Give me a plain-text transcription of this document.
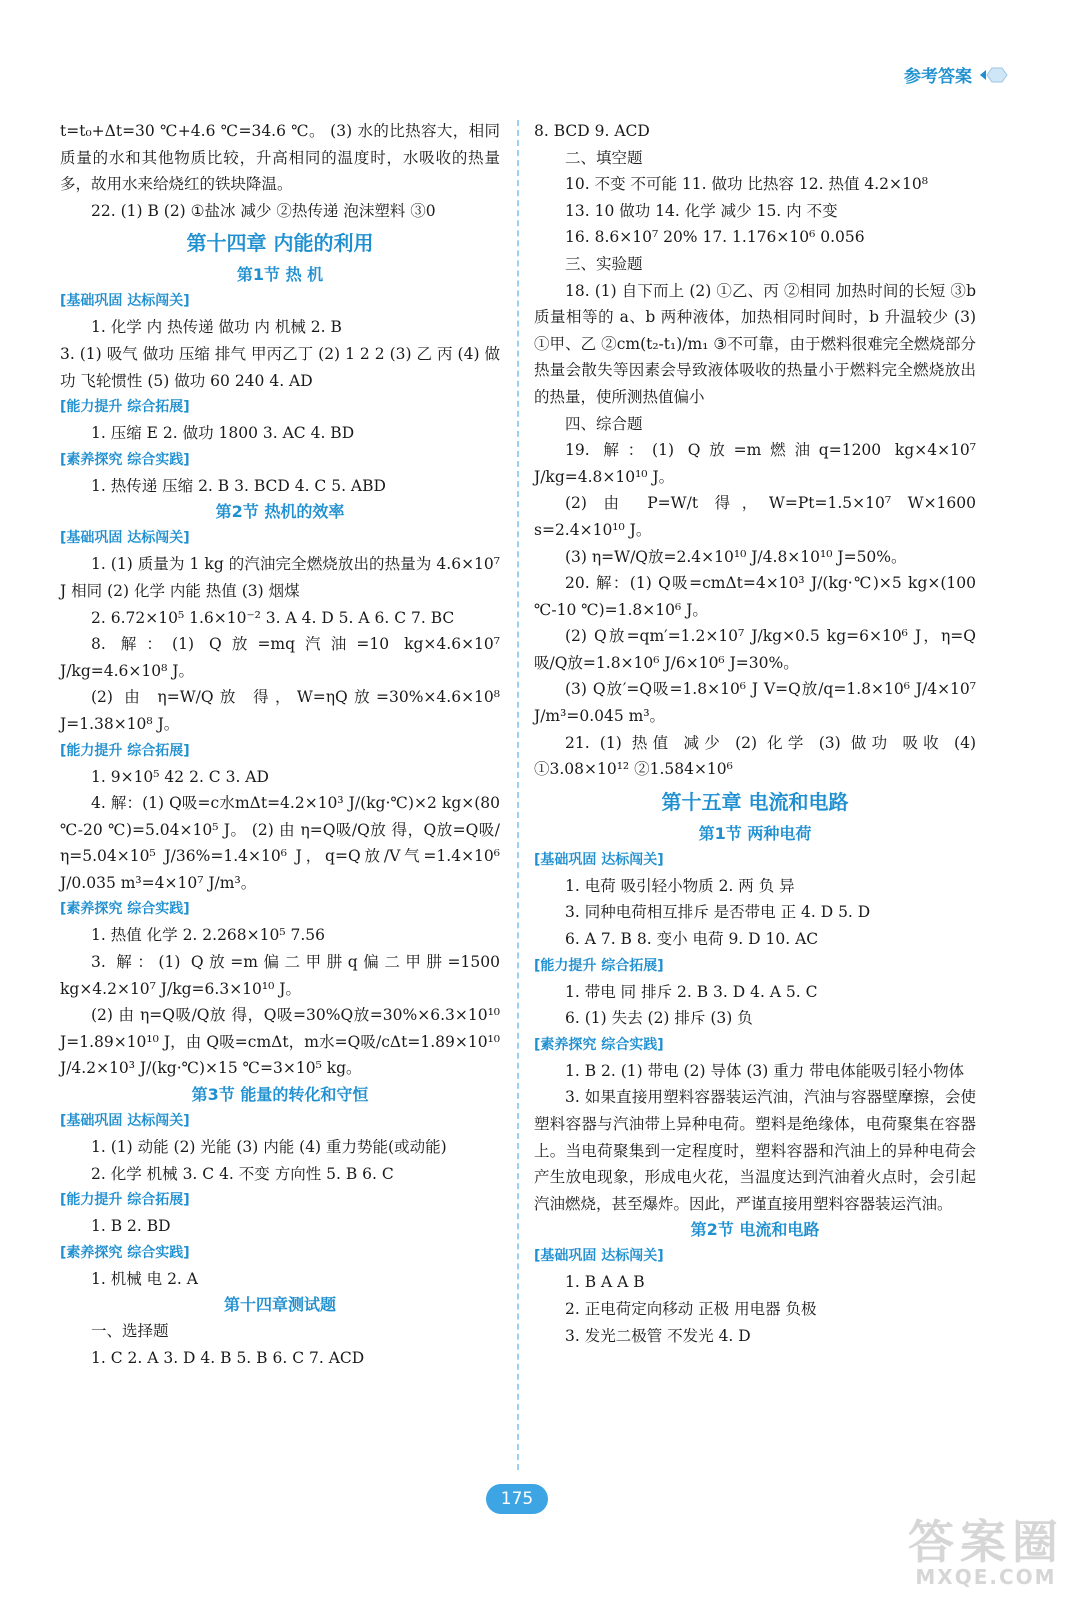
参考答案
t=t₀+Δt=30 ℃+4.6 ℃=34.6 ℃。 (3) 水的比热容大，相同质量的水和其他物质比较，升高相同的温度时，水吸收的热量多，故用水来给烧红的铁块降温。
22. (1) B (2) ①盐冰 减少 ②热传递 泡沫塑料 ③0
第十四章 内能的利用
第1节 热 机
[基础巩固 达标闯关]
1. 化学 内 热传递 做功 内 机械 2. B
3. (1) 吸气 做功 压缩 排气 甲丙乙丁 (2) 1 2 2 (3) 乙 丙 (4) 做功 飞轮惯性 (5) 做功 60 240 4. AD
[能力提升 综合拓展]
1. 压缩 E 2. 做功 1800 3. AC 4. BD
[素养探究 综合实践]
1. 热传递 压缩 2. B 3. BCD 4. C 5. ABD
第2节 热机的效率
[基础巩固 达标闯关]
1. (1) 质量为 1 kg 的汽油完全燃烧放出的热量为 4.6×10⁷ J 相同 (2) 化学 内能 热值 (3) 烟煤
2. 6.72×10⁵ 1.6×10⁻² 3. A 4. D 5. A 6. C 7. BC
8. 解：(1) Q放=mq汽油=10 kg×4.6×10⁷ J/kg=4.6×10⁸ J。
(2) 由 η=W/Q放 得，W=ηQ放=30%×4.6×10⁸ J=1.38×10⁸ J。
[能力提升 综合拓展]
1. 9×10⁵ 42 2. C 3. AD
4. 解：(1) Q吸=c水mΔt=4.2×10³ J/(kg·℃)×2 kg×(80 ℃-20 ℃)=5.04×10⁵ J。 (2) 由 η=Q吸/Q放 得，Q放=Q吸/η=5.04×10⁵ J/36%=1.4×10⁶ J，q=Q放/V气=1.4×10⁶ J/0.035 m³=4×10⁷ J/m³。
[素养探究 综合实践]
1. 热值 化学 2. 2.268×10⁵ 7.56
3. 解：(1) Q放=m偏二甲肼q偏二甲肼=1500 kg×4.2×10⁷ J/kg=6.3×10¹⁰ J。
(2) 由 η=Q吸/Q放 得，Q吸=30%Q放=30%×6.3×10¹⁰ J=1.89×10¹⁰ J，由 Q吸=cmΔt，m水=Q吸/cΔt=1.89×10¹⁰ J/4.2×10³ J/(kg·℃)×15 ℃=3×10⁵ kg。
第3节 能量的转化和守恒
[基础巩固 达标闯关]
1. (1) 动能 (2) 光能 (3) 内能 (4) 重力势能(或动能)
2. 化学 机械 3. C 4. 不变 方向性 5. B 6. C
[能力提升 综合拓展]
1. B 2. BD
[素养探究 综合实践]
1. 机械 电 2. A
第十四章测试题
一、选择题
1. C 2. A 3. D 4. B 5. B 6. C 7. ACD
8. BCD 9. ACD
二、填空题
10. 不变 不可能 11. 做功 比热容 12. 热值 4.2×10⁸
13. 10 做功 14. 化学 减少 15. 内 不变
16. 8.6×10⁷ 20% 17. 1.176×10⁶ 0.056
三、实验题
18. (1) 自下而上 (2) ①乙、丙 ②相同 加热时间的长短 ③b 质量相等的 a、b 两种液体，加热相同时间时，b 升温较少 (3) ①甲、乙 ②cm(t₂-t₁)/m₁ ③不可靠，由于燃料很难完全燃烧部分热量会散失等因素会导致液体吸收的热量小于燃料完全燃烧放出的热量，使所测热值偏小
四、综合题
19. 解：(1) Q放=m燃油q=1200 kg×4×10⁷ J/kg=4.8×10¹⁰ J。
(2) 由 P=W/t 得，W=Pt=1.5×10⁷ W×1600 s=2.4×10¹⁰ J。
(3) η=W/Q放=2.4×10¹⁰ J/4.8×10¹⁰ J=50%。
20. 解：(1) Q吸=cmΔt=4×10³ J/(kg·℃)×5 kg×(100 ℃-10 ℃)=1.8×10⁶ J。
(2) Q放=qm′=1.2×10⁷ J/kg×0.5 kg=6×10⁶ J，η=Q吸/Q放=1.8×10⁶ J/6×10⁶ J=30%。
(3) Q放′=Q吸=1.8×10⁶ J V=Q放/q=1.8×10⁶ J/4×10⁷ J/m³=0.045 m³。
21. (1) 热值 减少 (2) 化学 (3) 做功 吸收 (4) ①3.08×10¹² ②1.584×10⁶
第十五章 电流和电路
第1节 两种电荷
[基础巩固 达标闯关]
1. 电荷 吸引轻小物质 2. 两 负 异
3. 同种电荷相互排斥 是否带电 正 4. D 5. D
6. A 7. B 8. 变小 电荷 9. D 10. AC
[能力提升 综合拓展]
1. 带电 同 排斥 2. B 3. D 4. A 5. C
6. (1) 失去 (2) 排斥 (3) 负
[素养探究 综合实践]
1. B 2. (1) 带电 (2) 导体 (3) 重力 带电体能吸引轻小物体
3. 如果直接用塑料容器装运汽油，汽油与容器壁摩擦，会使塑料容器与汽油带上异种电荷。塑料是绝缘体，电荷聚集在容器上。当电荷聚集到一定程度时，塑料容器和汽油上的异种电荷会产生放电现象，形成电火花，当温度达到汽油着火点时，会引起汽油燃烧，甚至爆炸。因此，严谨直接用塑料容器装运汽油。
第2节 电流和电路
[基础巩固 达标闯关]
1. B A A B
2. 正电荷定向移动 正极 用电器 负极
3. 发光二极管 不发光 4. D
175
答案圈
MXQE.COM
